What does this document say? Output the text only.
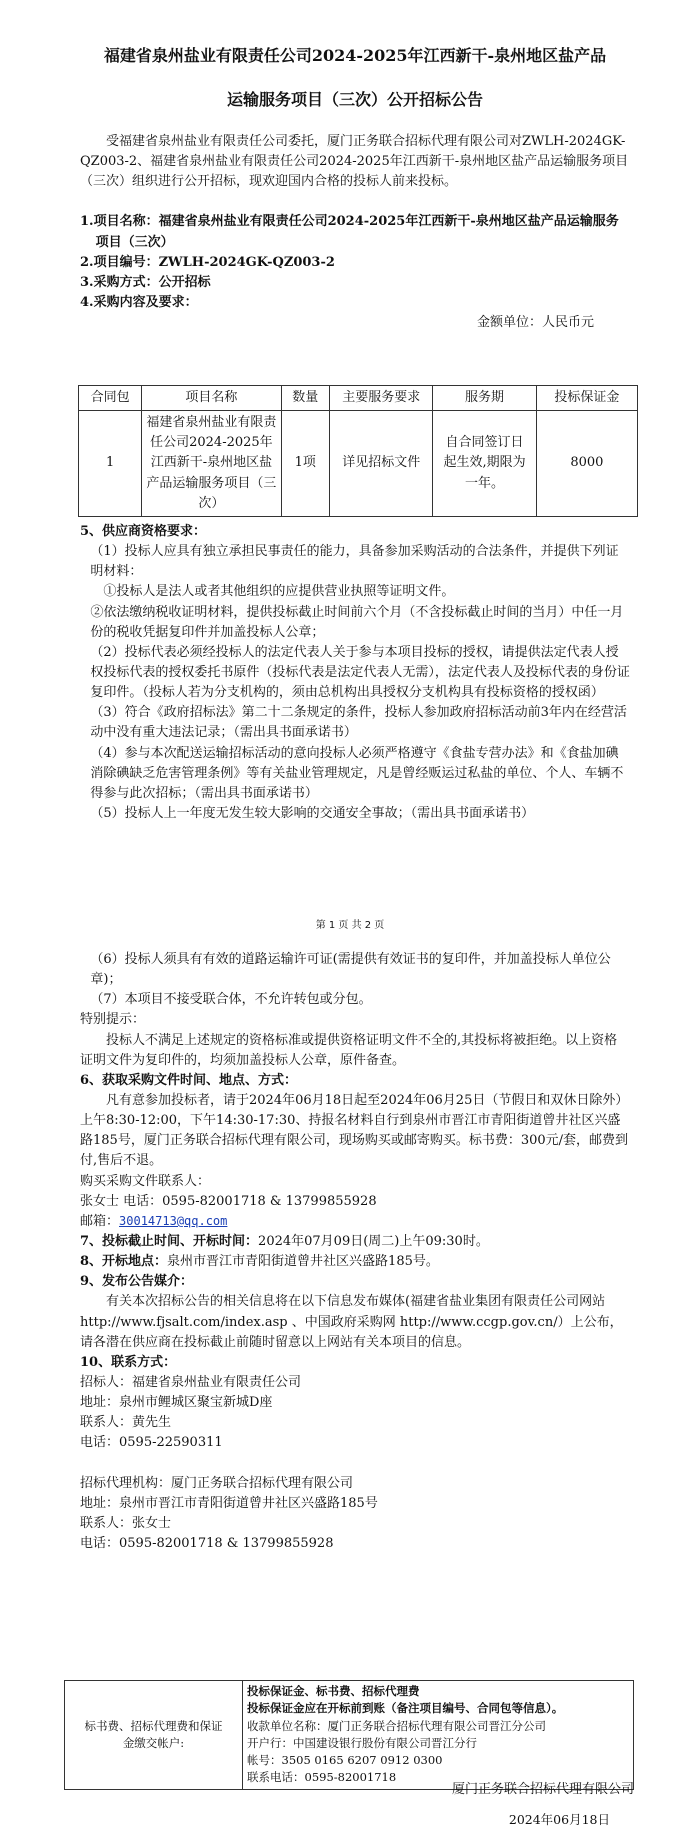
福建省泉州盐业有限责任公司2024-2025年江西新干-泉州地区盐产品

运输服务项目（三次）公开招标公告

受福建省泉州盐业有限责任公司委托，厦门正务联合招标代理有限公司对ZWLH-2024GK-QZ003-2、福建省泉州盐业有限责任公司2024-2025年江西新干-泉州地区盐产品运输服务项目（三次）组织进行公开招标，现欢迎国内合格的投标人前来投标。

1.项目名称：福建省泉州盐业有限责任公司2024-2025年江西新干-泉州地区盐产品运输服务项目（三次）

2.项目编号：ZWLH-2024GK-QZ003-2

3.采购方式：公开招标

4.采购内容及要求：

金额单位：人民币元

合同包	项目名称	数量	主要服务要求	服务期	投标保证金
1	福建省泉州盐业有限责任公司2024-2025年江西新干-泉州地区盐产品运输服务项目（三次）	1项	详见招标文件	自合同签订日起生效,期限为一年。	8000

5、供应商资格要求：

（1）投标人应具有独立承担民事责任的能力，具备参加采购活动的合法条件，并提供下列证明材料：

①投标人是法人或者其他组织的应提供营业执照等证明文件。

②依法缴纳税收证明材料，提供投标截止时间前六个月（不含投标截止时间的当月）中任一月份的税收凭据复印件并加盖投标人公章；

（2）投标代表必须经投标人的法定代表人关于参与本项目投标的授权，请提供法定代表人授权投标代表的授权委托书原件（投标代表是法定代表人无需），法定代表人及投标代表的身份证复印件。（投标人若为分支机构的，须由总机构出具授权分支机构具有投标资格的授权函）

（3）符合《政府招标法》第二十二条规定的条件，投标人参加政府招标活动前3年内在经营活动中没有重大违法记录；（需出具书面承诺书）

（4）参与本次配送运输招标活动的意向投标人必须严格遵守《食盐专营办法》和《食盐加碘消除碘缺乏危害管理条例》等有关盐业管理规定，凡是曾经贩运过私盐的单位、个人、车辆不得参与此次招标；（需出具书面承诺书）

（5）投标人上一年度无发生较大影响的交通安全事故；（需出具书面承诺书）

第 1 页 共 2 页

（6）投标人须具有有效的道路运输许可证(需提供有效证书的复印件，并加盖投标人单位公章)；

（7）本项目不接受联合体，不允许转包或分包。

特别提示：

投标人不满足上述规定的资格标准或提供资格证明文件不全的,其投标将被拒绝。以上资格证明文件为复印件的，均须加盖投标人公章，原件备查。

6、获取采购文件时间、地点、方式：

凡有意参加投标者，请于2024年06月18日起至2024年06月25日（节假日和双休日除外）上午8:30-12:00，下午14:30-17:30、持报名材料自行到泉州市晋江市青阳街道曾井社区兴盛路185号，厦门正务联合招标代理有限公司，现场购买或邮寄购买。标书费：300元/套，邮费到付,售后不退。

购买采购文件联系人：

张女士 电话：0595-82001718 & 13799855928

邮箱：30014713@qq.com

7、投标截止时间、开标时间：2024年07月09日(周二)上午09:30时。

8、开标地点：泉州市晋江市青阳街道曾井社区兴盛路185号。

9、发布公告媒介：

有关本次招标公告的相关信息将在以下信息发布媒体(福建省盐业集团有限责任公司网站 http://www.fjsalt.com/index.asp 、中国政府采购网 http://www.ccgp.gov.cn/）上公布，请各潜在供应商在投标截止前随时留意以上网站有关本项目的信息。

10、联系方式：

招标人：福建省泉州盐业有限责任公司

地址：泉州市鲤城区聚宝新城D座

联系人：黄先生

电话：0595-22590311

招标代理机构：厦门正务联合招标代理有限公司

地址：泉州市晋江市青阳街道曾井社区兴盛路185号

联系人：张女士

电话：0595-82001718 & 13799855928

标书费、招标代理费和保证金缴交帐户:	
投标保证金、标书费、招标代理费
投标保证金应在开标前到账（备注项目编号、合同包等信息）。
收款单位名称：厦门正务联合招标代理有限公司晋江分公司
开户行：中国建设银行股份有限公司晋江分行
帐号：3505 0165 6207 0912 0300
联系电话：0595-82001718
厦门正务联合招标代理有限公司
2024年06月18日
